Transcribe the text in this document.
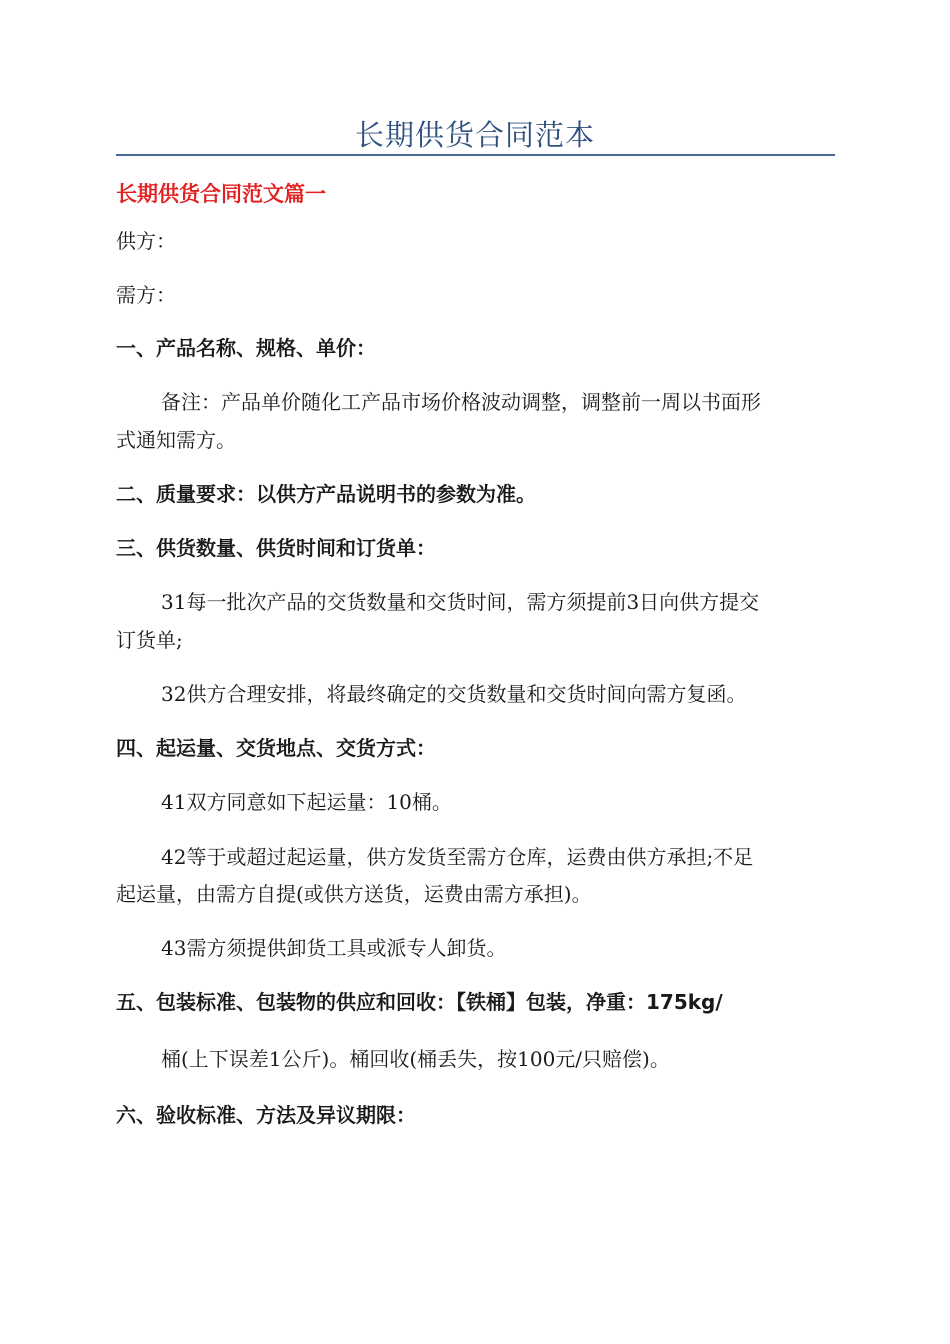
长期供货合同范本
长期供货合同范文篇一
供方：
需方：
一、产品名称、规格、单价：
备注：产品单价随化工产品市场价格波动调整，调整前一周以书面形
式通知需方。
二、质量要求：以供方产品说明书的参数为准。
三、供货数量、供货时间和订货单：
31每一批次产品的交货数量和交货时间，需方须提前3日向供方提交
订货单;
32供方合理安排，将最终确定的交货数量和交货时间向需方复函。
四、起运量、交货地点、交货方式：
41双方同意如下起运量：10桶。
42等于或超过起运量，供方发货至需方仓库，运费由供方承担;不足
起运量，由需方自提(或供方送货，运费由需方承担)。
43需方须提供卸货工具或派专人卸货。
五、包装标准、包装物的供应和回收：【铁桶】包装，净重：175kg/
桶(上下误差1公斤)。桶回收(桶丢失，按100元/只赔偿)。
六、验收标准、方法及异议期限：
